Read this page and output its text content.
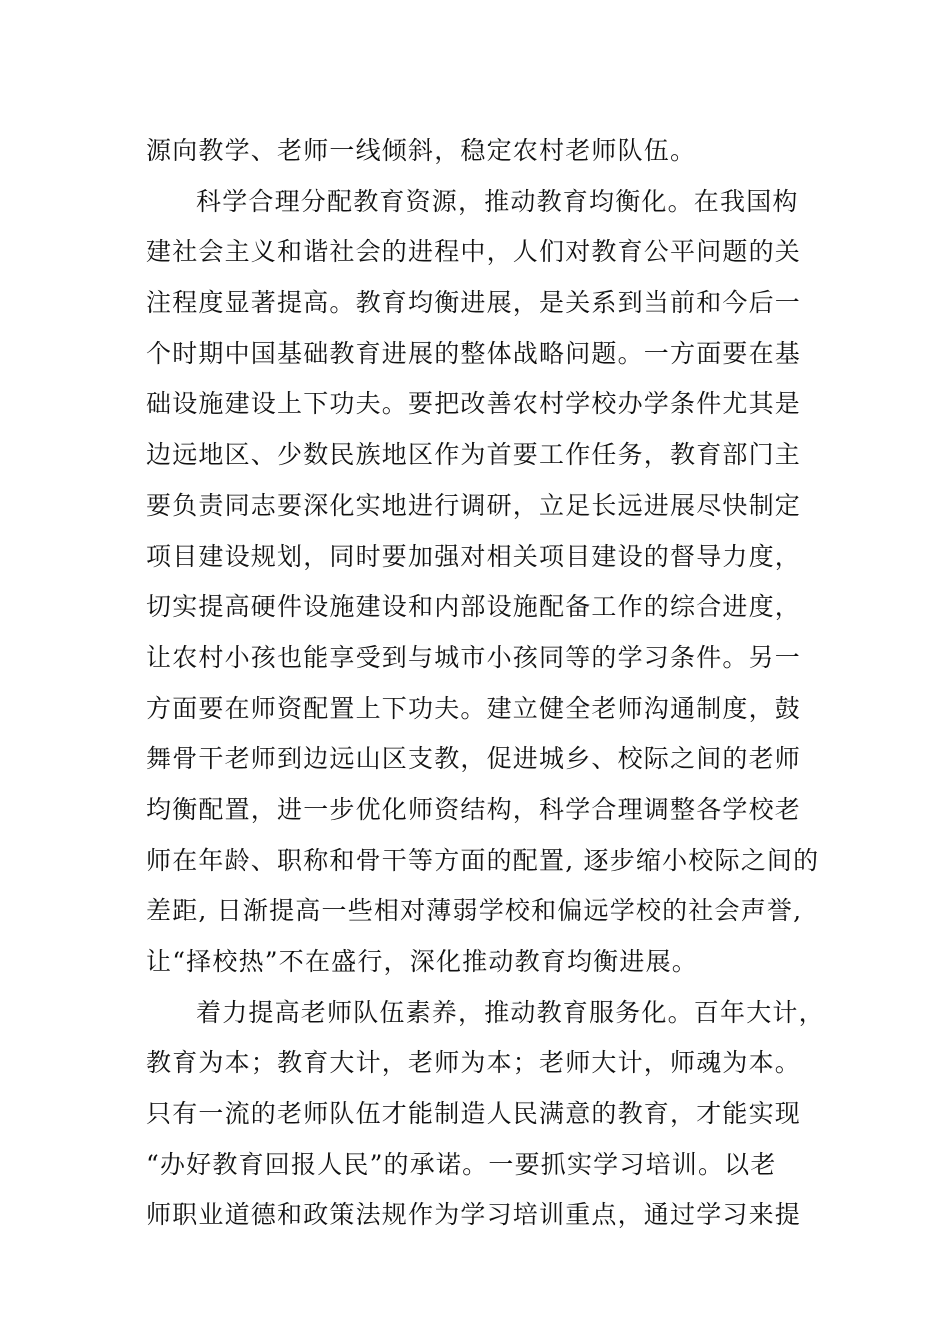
源向教学、老师一线倾斜，稳定农村老师队伍。
科学合理分配教育资源，推动教育均衡化。在我国构
建社会主义和谐社会的进程中，人们对教育公平问题的关
注程度显著提高。教育均衡进展，是关系到当前和今后一
个时期中国基础教育进展的整体战略问题。一方面要在基
础设施建设上下功夫。要把改善农村学校办学条件尤其是
边远地区、少数民族地区作为首要工作任务，教育部门主
要负责同志要深化实地进行调研，立足长远进展尽快制定
项目建设规划，同时要加强对相关项目建设的督导力度，
切实提高硬件设施建设和内部设施配备工作的综合进度，
让农村小孩也能享受到与城市小孩同等的学习条件。另一
方面要在师资配置上下功夫。建立健全老师沟通制度，鼓
舞骨干老师到边远山区支教，促进城乡、校际之间的老师
均衡配置，进一步优化师资结构，科学合理调整各学校老
师在年龄、职称和骨干等方面的配置, 逐步缩小校际之间的
差距, 日渐提高一些相对薄弱学校和偏远学校的社会声誉,
让“择校热”不在盛行，深化推动教育均衡进展。
着力提高老师队伍素养，推动教育服务化。百年大计，
教育为本；教育大计，老师为本；老师大计，师魂为本。
只有一流的老师队伍才能制造人民满意的教育，才能实现
“办好教育回报人民”的承诺。一要抓实学习培训。以老
师职业道德和政策法规作为学习培训重点，通过学习来提
